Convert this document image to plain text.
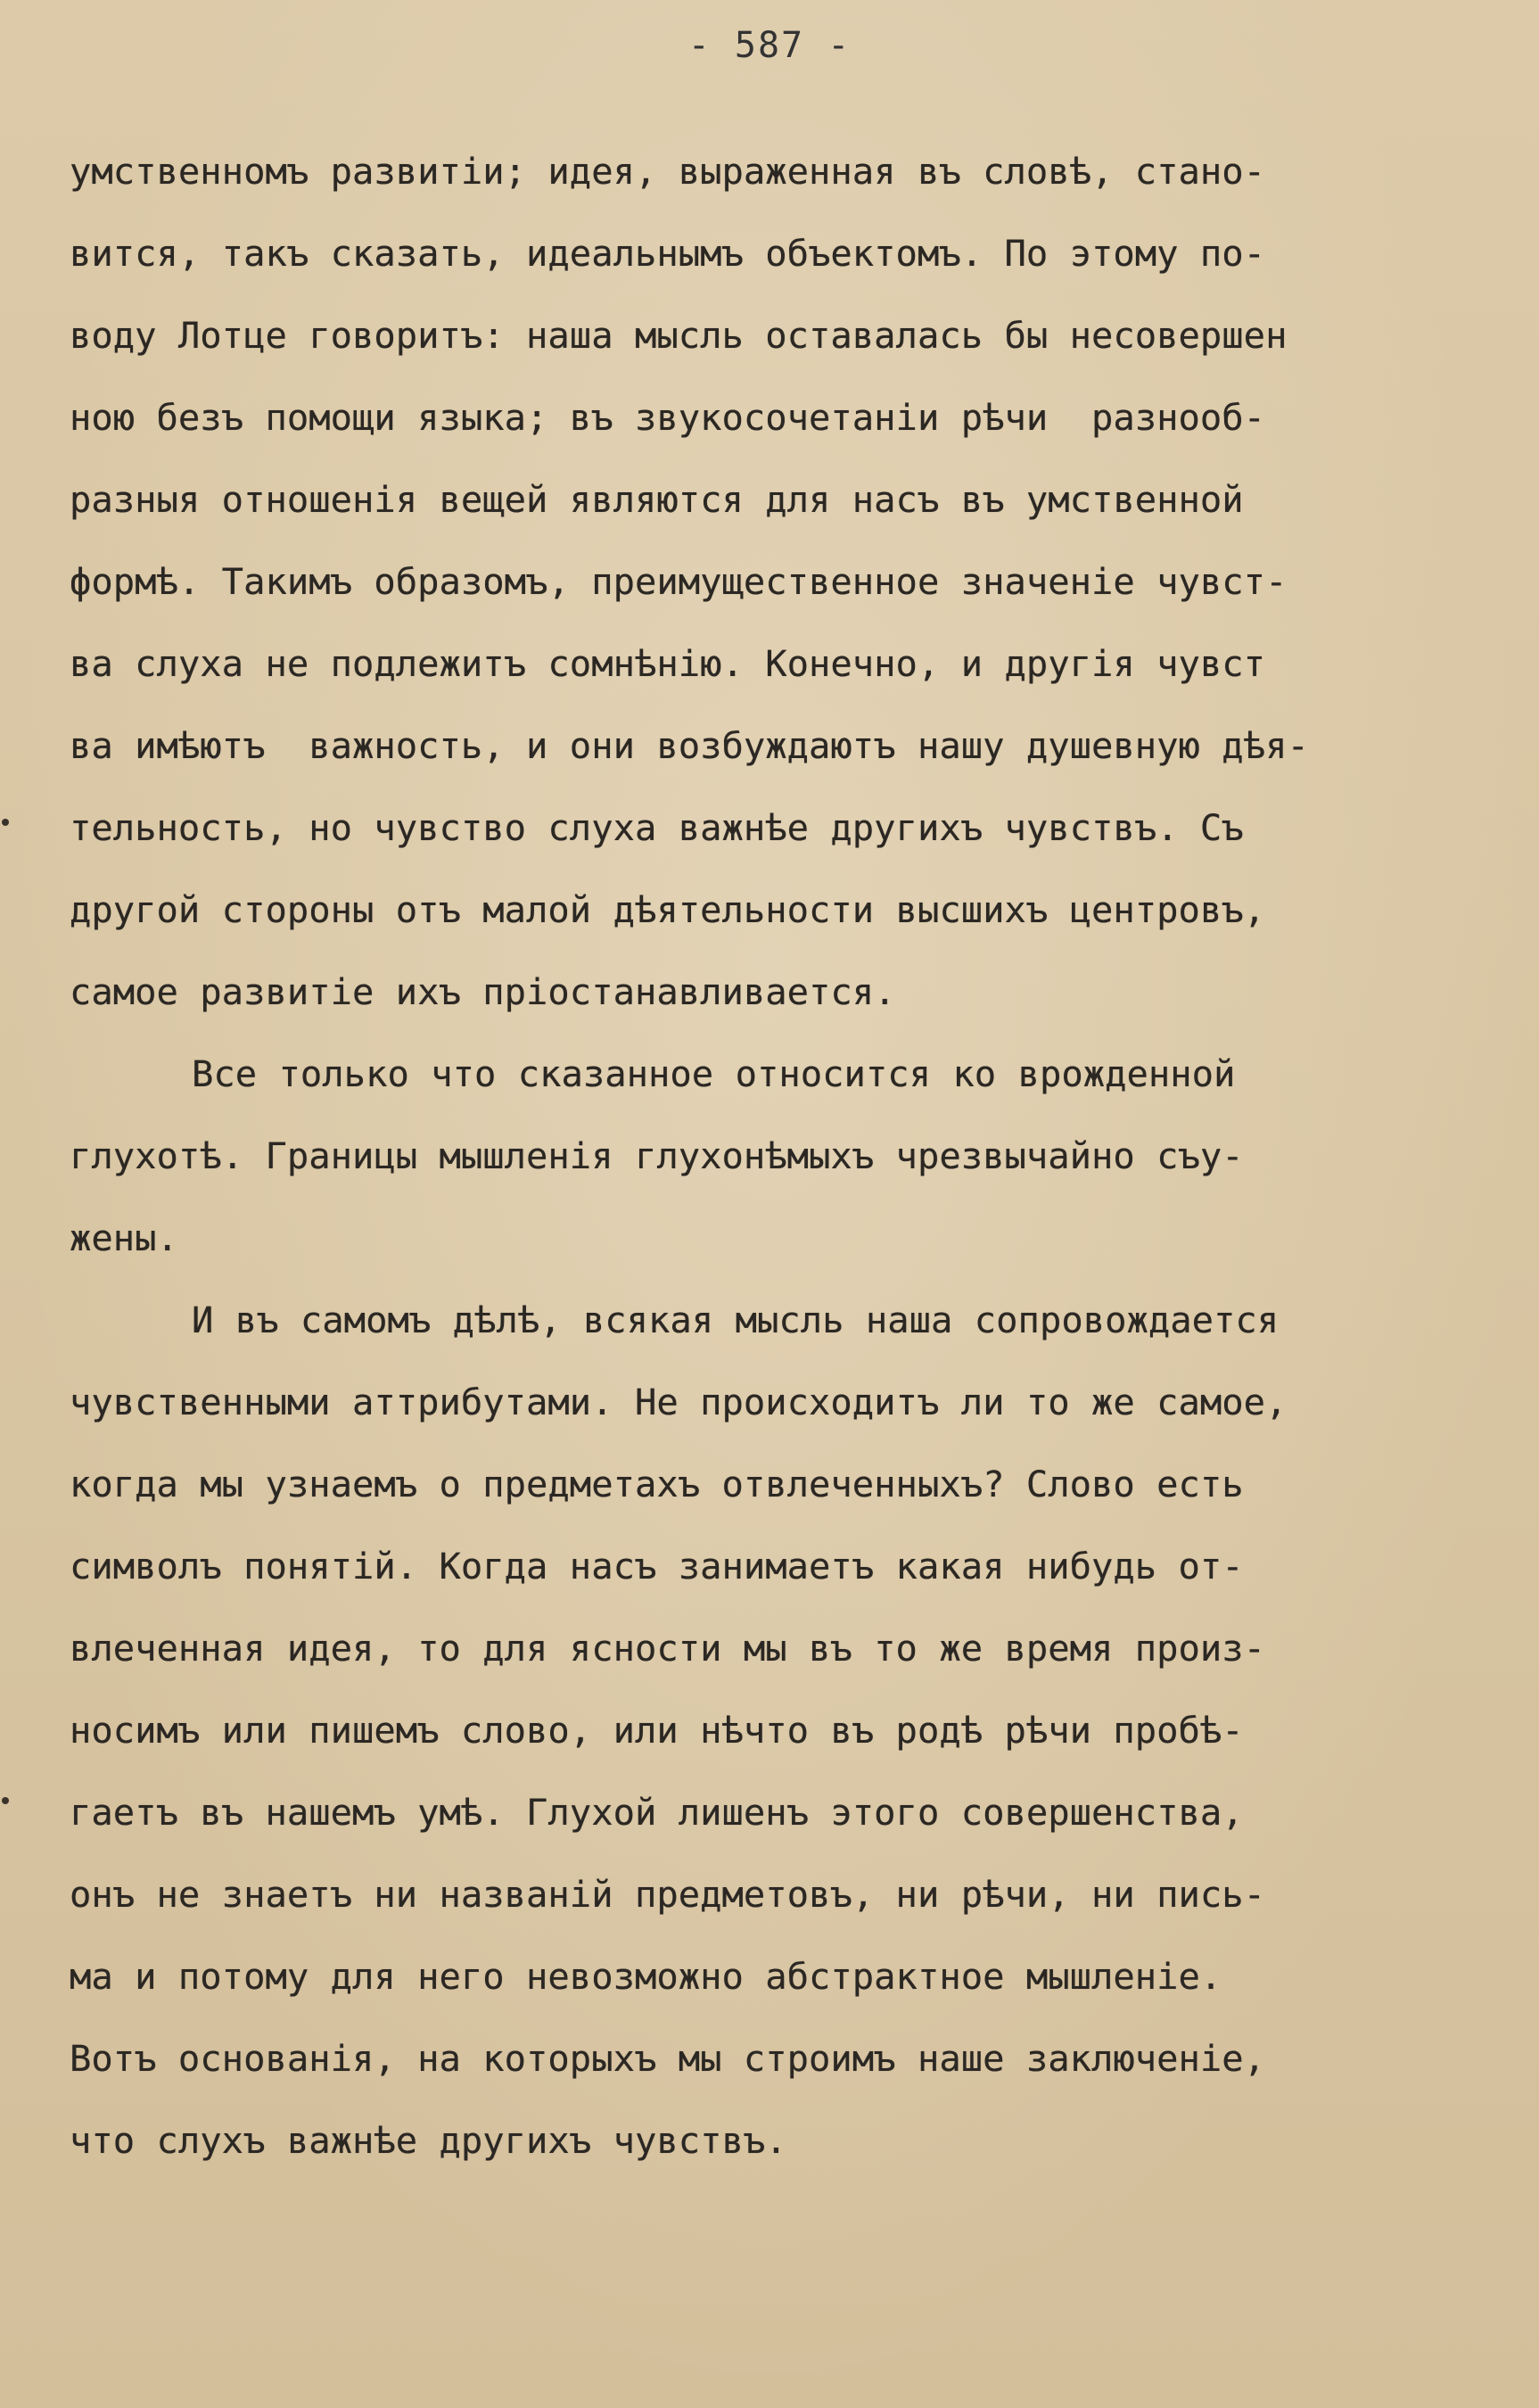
- 587 -
умственномъ развитiи; идея, выраженная въ словѣ, стано-
вится, такъ сказать, идеальнымъ объектомъ. По этому по-
воду Лотце говоритъ: наша мысль оставалась бы несовершен
ною безъ помощи языка; въ звукосочетанiи рѣчи  разнооб-
разныя отношенiя вещей являются для насъ въ умственной
формѣ. Такимъ образомъ, преимущественное значенiе чувст-
ва слуха не подлежитъ сомнѣнiю. Конечно, и другiя чувст
ва имѣютъ  важность, и они возбуждаютъ нашу душевную дѣя-
тельность, но чувство слуха важнѣе другихъ чувствъ. Съ
другой стороны отъ малой дѣятельности высшихъ центровъ,
самое развитiе ихъ прiостанавливается.
Все только что сказанное относится ко врожденной
глухотѣ. Границы мышленiя глухонѣмыхъ чрезвычайно съу-
жены.
И въ самомъ дѣлѣ, всякая мысль наша сопровождается
чувственными аттрибутами. Не происходитъ ли то же самое,
когда мы узнаемъ о предметахъ отвлеченныхъ? Слово есть
символъ понятiй. Когда насъ занимаетъ какая нибудь от-
влеченная идея, то для ясности мы въ то же время произ-
носимъ или пишемъ слово, или нѣчто въ родѣ рѣчи пробѣ-
гаетъ въ нашемъ умѣ. Глухой лишенъ этого совершенства,
онъ не знаетъ ни названiй предметовъ, ни рѣчи, ни пись-
ма и потому для него невозможно абстрактное мышленiе.
Вотъ основанiя, на которыхъ мы строимъ наше заключенiе,
что слухъ важнѣе другихъ чувствъ.
